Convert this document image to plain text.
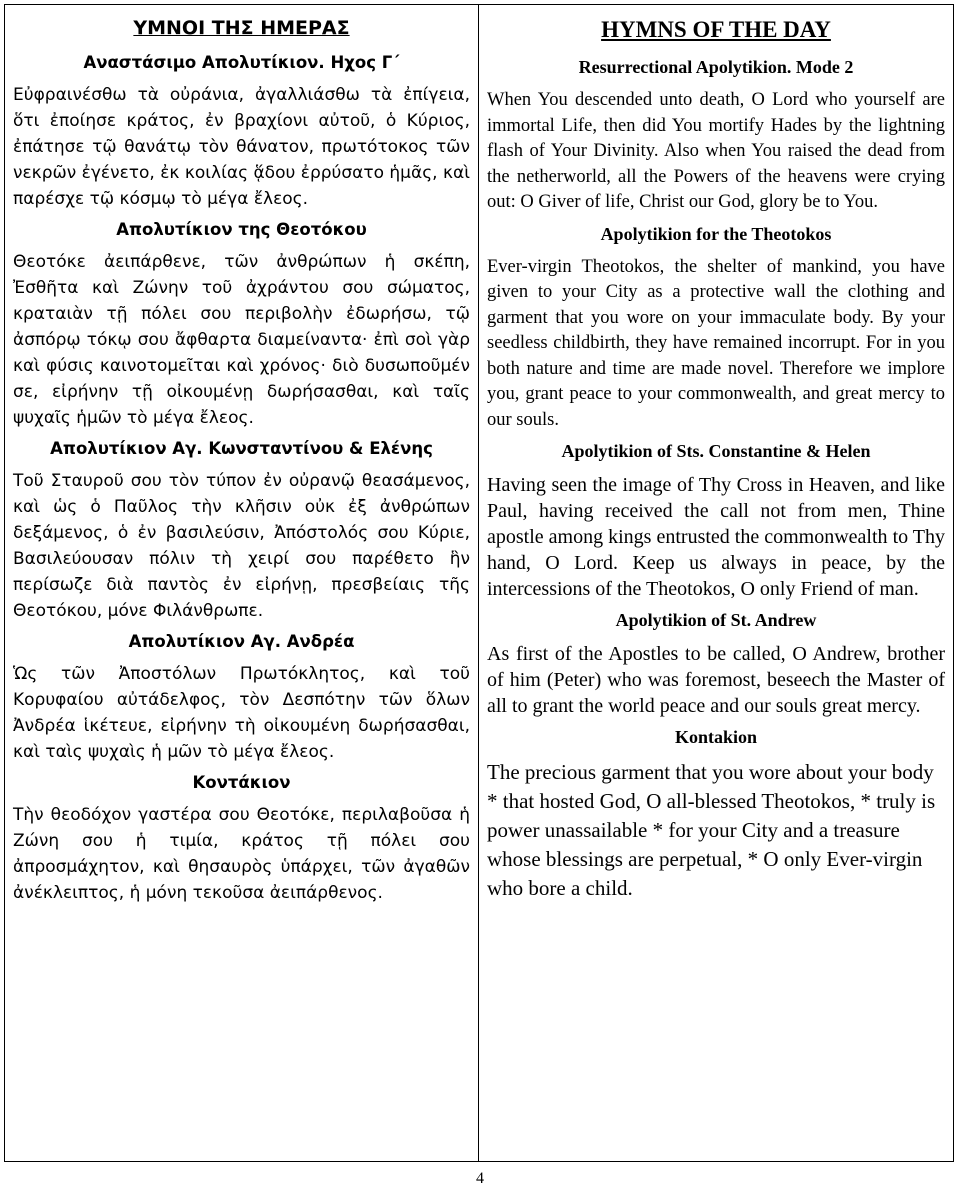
ΥΜΝΟΙ ΤΗΣ ΗΜΕΡΑΣ
Αναστάσιμο Απολυτίκιον. Ηχος Γ΄

Εὐφραινέσθω τὰ οὐράνια, ἀγαλλιάσθω τὰ ἐπίγεια, ὅτι ἐποίησε κράτος, ἐν βραχίονι αὐτοῦ, ὁ Κύριος, ἐπάτησε τῷ θανάτῳ τὸν θάνατον, πρωτότοκος τῶν νεκρῶν ἐγένετο, ἐκ κοιλίας ᾅδου ἐρρύσατο ἡμᾶς, καὶ παρέσχε τῷ κόσμῳ τὸ μέγα ἔλεος.

Απολυτίκιον της Θεοτόκου

Θεοτόκε ἀειπάρθενε, τῶν ἀνθρώπων ἡ σκέπη, Ἐσθῆτα καὶ Ζώνην τοῦ ἀχράντου σου σώματος, κραταιὰν τῇ πόλει σου περιβολὴν ἐδωρήσω, τῷ ἀσπόρῳ τόκῳ σου ἄφθαρτα διαμείναντα· ἐπὶ σοὶ γὰρ καὶ φύσις καινοτομεῖται καὶ χρόνος· διὸ δυσωποῦμέν σε, εἰρήνην τῇ οἰκουμένῃ δωρήσασθαι, καὶ ταῖς ψυχαῖς ἡμῶν τὸ μέγα ἔλεος.

Απολυτίκιον Αγ. Κωνσταντίνου & Ελένης

Τοῦ Σταυροῦ σου τὸν τύπον ἐν οὐρανῷ θεασάμενος, καὶ ὡς ὁ Παῦλος τὴν κλῆσιν οὐκ ἐξ ἀνθρώπων δεξάμενος, ὁ ἐν βασιλεύσιν, Ἀπόστολός σου Κύριε, Βασιλεύουσαν πόλιν τὴ χειρί σου παρέθετο ἣν περίσωζε διὰ παντὸς ἐν εἰρήνῃ, πρεσβείαις τῆς Θεοτόκου, μόνε Φιλάνθρωπε.

Απολυτίκιον Αγ. Ανδρέα

Ὡς τῶν Ἀποστόλων Πρωτόκλητος, καὶ τοῦ Κορυφαίου αὐτάδελφος, τὸν Δεσπότην τῶν ὅλων Ἀνδρέα ἱκέτευε, εἰρήνην τὴ οἰκουμένη δωρήσασθαι, καὶ ταὶς ψυχαὶς ἡ μῶν τὸ μέγα ἔλεος.

Κοντάκιον

Τὴν θεοδόχον γαστέρα σου Θεοτόκε, περιλαβοῦσα ἡ Ζώνη σου ἡ τιμία, κράτος τῇ πόλει σου ἀπροσμάχητον, καὶ θησαυρὸς ὑπάρχει, τῶν ἀγαθῶν ἀνέκλειπτος, ἡ μόνη τεκοῦσα ἀειπάρθενος.

HYMNS OF THE DAY
Resurrectional Apolytikion. Mode 2

When You descended unto death, O Lord who yourself are immortal Life, then did You mortify Hades by the lightning flash of Your Divinity. Also when You raised the dead from the netherworld, all the Powers of the heavens were crying out: O Giver of life, Christ our God, glory be to You.

Apolytikion for the Theotokos

Ever-virgin Theotokos, the shelter of mankind, you have given to your City as a protective wall the clothing and garment that you wore on your immaculate body. By your seedless childbirth, they have remained incorrupt. For in you both nature and time are made novel. Therefore we implore you, grant peace to your commonwealth, and great mercy to our souls.

Apolytikion of Sts. Constantine & Helen

Having seen the image of Thy Cross in Heaven, and like Paul, having received the call not from men, Thine apostle among kings entrusted the commonwealth to Thy hand, O Lord. Keep us always in peace, by the intercessions of the Theotokos, O only Friend of man.

Apolytikion of St. Andrew

As first of the Apostles to be called, O Andrew, brother of him (Peter) who was foremost, beseech the Master of all to grant the world peace and our souls great mercy.

Kontakion

The precious garment that you wore about your body * that hosted God, O all-blessed Theotokos, * truly is power unassailable * for your City and a treasure whose blessings are perpetual, * O only Ever-virgin who bore a child.

4
